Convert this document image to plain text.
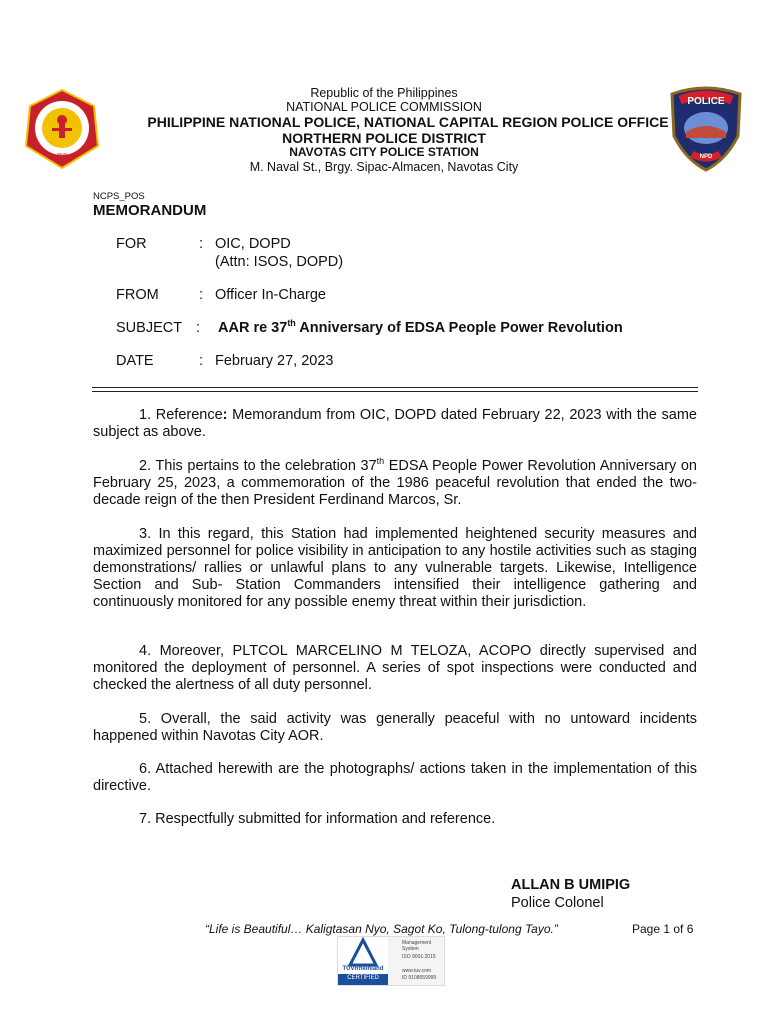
PNP
POLICE
NPD
Republic of the Philippines
NATIONAL POLICE COMMISSION
PHILIPPINE NATIONAL POLICE, NATIONAL CAPITAL REGION POLICE OFFICE
NORTHERN POLICE DISTRICT
NAVOTAS CITY POLICE STATION
M. Naval St., Brgy. Sipac-Almacen, Navotas City
NCPS_POS
MEMORANDUM
FOR	: OIC, DOPD
(Attn: ISOS, DOPD)
FROM	: Officer In-Charge
SUBJECT : AAR re 37th Anniversary of EDSA People Power Revolution
DATE	: February 27, 2023
1. Reference: Memorandum from OIC, DOPD dated February 22, 2023 with the same subject as above.
2. This pertains to the celebration 37th EDSA People Power Revolution Anniversary on February 25, 2023, a commemoration of the 1986 peaceful revolution that ended the two-decade reign of the then President Ferdinand Marcos, Sr.
3. In this regard, this Station had implemented heightened security measures and maximized personnel for police visibility in anticipation to any hostile activities such as staging demonstrations/ rallies or unlawful plans to any vulnerable targets. Likewise, Intelligence Section and Sub- Station Commanders intensified their intelligence gathering and continuously monitored for any possible enemy threat within their jurisdiction.
4. Moreover, PLTCOL MARCELINO M TELOZA, ACOPO directly supervised and monitored the deployment of personnel. A series of spot inspections were conducted and checked the alertness of all duty personnel.
5. Overall, the said activity was generally peaceful with no untoward incidents happened within Navotas City AOR.
6. Attached herewith are the photographs/ actions taken in the implementation of this directive.
7. Respectfully submitted for information and reference.
ALLAN B UMIPIG
Police Colonel
“Life is Beautiful… Kaligtasan Nyo, Sagot Ko, Tulong-tulong Tayo.”	Page 1 of 6
TÜVRheinland
CERTIFIED
Management System
ISO 9001:2015
www.tuv.com
ID 9108659999
